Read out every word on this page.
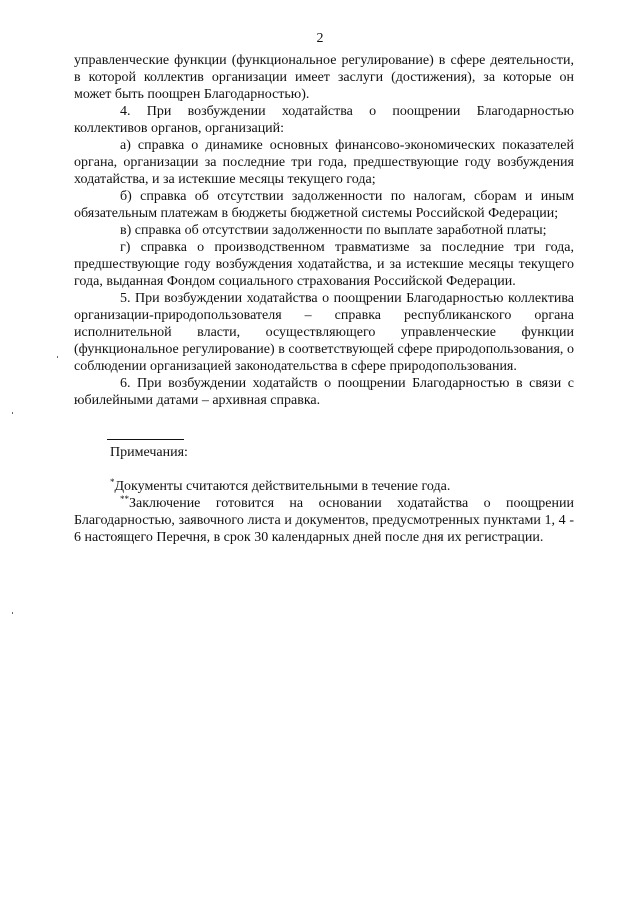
2

управленческие функции (функциональное регулирование) в сфере деятельности, в которой коллектив организации имеет заслуги (достижения), за которые он может быть поощрен Благодарностью).

4. При возбуждении ходатайства о поощрении Благодарностью коллективов органов, организаций:

а) справка о динамике основных финансово-экономических показателей органа, организации за последние три года, предшествующие году возбуждения ходатайства, и за истекшие месяцы текущего года;

б) справка об отсутствии задолженности по налогам, сборам и иным обязательным платежам в бюджеты бюджетной системы Российской Федерации;

в) справка об отсутствии задолженности по выплате заработной платы;

г) справка о производственном травматизме за последние три года, предшествующие году возбуждения ходатайства, и за истекшие месяцы текущего года, выданная Фондом социального страхования Российской Федерации.

5. При возбуждении ходатайства о поощрении Благодарностью коллектива организации-природопользователя – справка республиканского органа исполнительной власти, осуществляющего управленческие функции (функциональное регулирование) в соответствующей сфере природопользования, о соблюдении организацией законодательства в сфере природопользования.

6. При возбуждении ходатайств о поощрении Благодарностью в связи с юбилейными датами – архивная справка.

Примечания:

*Документы считаются действительными в течение года.

**Заключение готовится на основании ходатайства о поощрении Благодарностью, заявочного листа и документов, предусмотренных пунктами 1, 4 - 6 настоящего Перечня, в срок 30 календарных дней после дня их регистрации.
